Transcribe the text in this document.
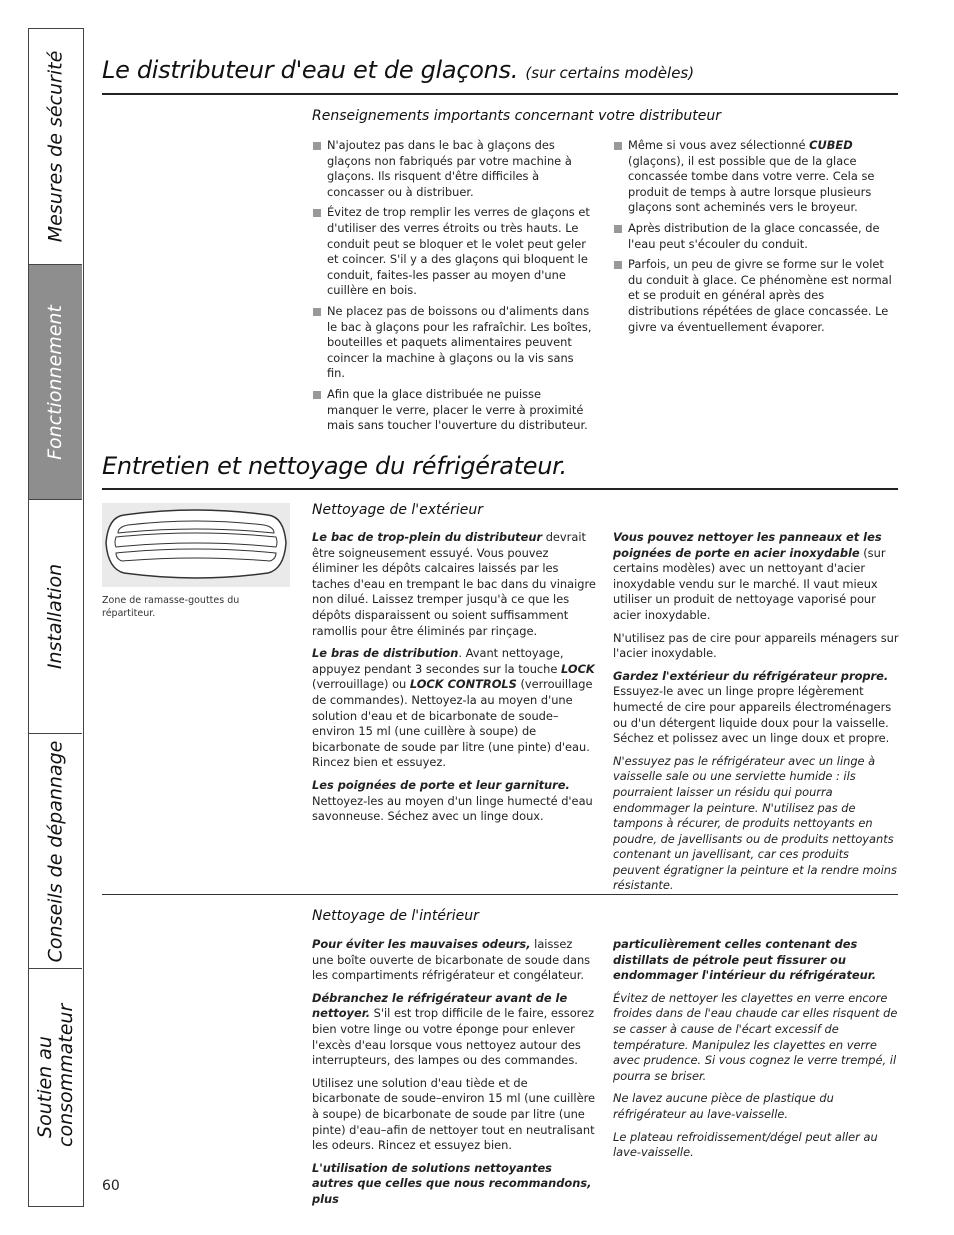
Mesures de sécurité
Fonctionnement
Installation
Conseils de dépannage
Soutien au consommateur
Le distributeur d'eau et de glaçons. (sur certains modèles)
Renseignements importants concernant votre distributeur
N'ajoutez pas dans le bac à glaçons des glaçons non fabriqués par votre machine à glaçons. Ils risquent d'être difficiles à concasser ou à distribuer.
Évitez de trop remplir les verres de glaçons et d'utiliser des verres étroits ou très hauts. Le conduit peut se bloquer et le volet peut geler et coincer. S'il y a des glaçons qui bloquent le conduit, faites-les passer au moyen d'une cuillère en bois.
Ne placez pas de boissons ou d'aliments dans le bac à glaçons pour les rafraîchir. Les boîtes, bouteilles et paquets alimentaires peuvent coincer la machine à glaçons ou la vis sans fin.
Afin que la glace distribuée ne puisse manquer le verre, placer le verre à proximité mais sans toucher l'ouverture du distributeur.
Même si vous avez sélectionné CUBED (glaçons), il est possible que de la glace concassée tombe dans votre verre. Cela se produit de temps à autre lorsque plusieurs glaçons sont acheminés vers le broyeur.
Après distribution de la glace concassée, de l'eau peut s'écouler du conduit.
Parfois, un peu de givre se forme sur le volet du conduit à glace. Ce phénomène est normal et se produit en général après des distributions répétées de glace concassée. Le givre va éventuellement évaporer.
Entretien et nettoyage du réfrigérateur.
Zone de ramasse-gouttes du répartiteur.
Nettoyage de l'extérieur

Le bac de trop-plein du distributeur devrait être soigneusement essuyé. Vous pouvez éliminer les dépôts calcaires laissés par les taches d'eau en trempant le bac dans du vinaigre non dilué. Laissez tremper jusqu'à ce que les dépôts disparaissent ou soient suffisamment ramollis pour être éliminés par rinçage.

Le bras de distribution. Avant nettoyage, appuyez pendant 3 secondes sur la touche LOCK (verrouillage) ou LOCK CONTROLS (verrouillage de commandes). Nettoyez-la au moyen d'une solution d'eau et de bicarbonate de soude– environ 15 ml (une cuillère à soupe) de bicarbonate de soude par litre (une pinte) d'eau. Rincez bien et essuyez.

Les poignées de porte et leur garniture.
Nettoyez-les au moyen d'un linge humecté d'eau savonneuse. Séchez avec un linge doux.

Vous pouvez nettoyer les panneaux et les poignées de porte en acier inoxydable (sur certains modèles) avec un nettoyant d'acier inoxydable vendu sur le marché. Il vaut mieux utiliser un produit de nettoyage vaporisé pour acier inoxydable.

N'utilisez pas de cire pour appareils ménagers sur l'acier inoxydable.

Gardez l'extérieur du réfrigérateur propre.
Essuyez-le avec un linge propre légèrement humecté de cire pour appareils électroménagers ou d'un détergent liquide doux pour la vaisselle. Séchez et polissez avec un linge doux et propre.

N'essuyez pas le réfrigérateur avec un linge à vaisselle sale ou une serviette humide : ils pourraient laisser un résidu qui pourra endommager la peinture. N'utilisez pas de tampons à récurer, de produits nettoyants en poudre, de javellisants ou de produits nettoyants contenant un javellisant, car ces produits peuvent égratigner la peinture et la rendre moins résistante.

Nettoyage de l'intérieur

Pour éviter les mauvaises odeurs, laissez une boîte ouverte de bicarbonate de soude dans les compartiments réfrigérateur et congélateur.

Débranchez le réfrigérateur avant de le nettoyer. S'il est trop difficile de le faire, essorez bien votre linge ou votre éponge pour enlever l'excès d'eau lorsque vous nettoyez autour des interrupteurs, des lampes ou des commandes.

Utilisez une solution d'eau tiède et de bicarbonate de soude–environ 15 ml (une cuillère à soupe) de bicarbonate de soude par litre (une pinte) d'eau–afin de nettoyer tout en neutralisant les odeurs. Rincez et essuyez bien.

L'utilisation de solutions nettoyantes autres que celles que nous recommandons, plus

particulièrement celles contenant des distillats de pétrole peut fissurer ou endommager l'intérieur du réfrigérateur.

Évitez de nettoyer les clayettes en verre encore froides dans de l'eau chaude car elles risquent de se casser à cause de l'écart excessif de température. Manipulez les clayettes en verre avec prudence. Si vous cognez le verre trempé, il pourra se briser.

Ne lavez aucune pièce de plastique du réfrigérateur au lave-vaisselle.

Le plateau refroidissement/dégel peut aller au lave-vaisselle.

60
